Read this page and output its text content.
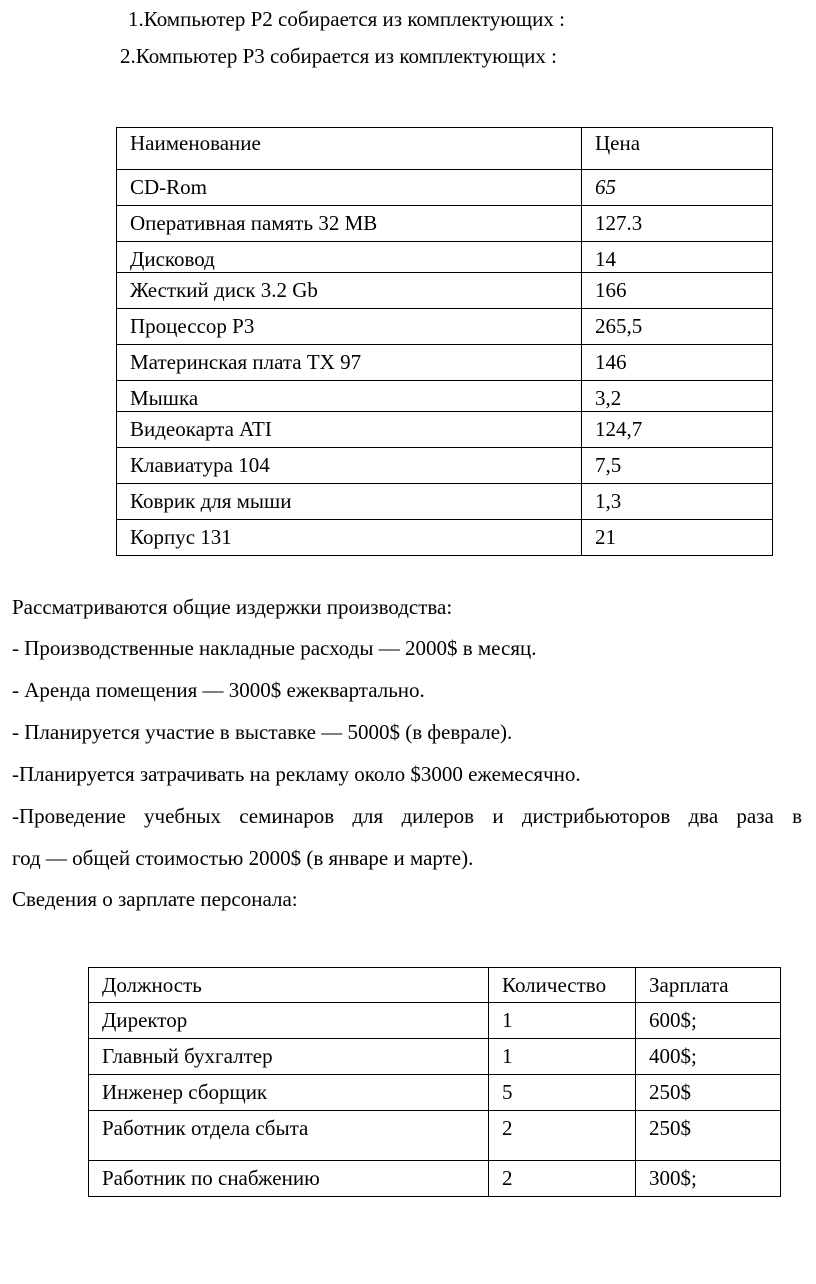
1.Компьютер Р2 собирается из комплектующих :
2.Компьютер Р3 собирается из комплектующих :
Наименование	Цена
CD-Rom	65
Оперативная память 32 MB	127.3
Дисковод	14
Жесткий диск 3.2 Gb	166
Процессор Р3	265,5
Материнская плата ТХ 97	146
Мышка	3,2
Видеокарта ATI	124,7
Клавиатура 104	7,5
Коврик для мыши	1,3
Корпус 131	21
Рассматриваются общие издержки производства:
- Производственные накладные расходы — 2000$ в месяц.
- Аренда помещения — 3000$ ежеквартально.
- Планируется участие в выставке — 5000$ (в феврале).
-Планируется затрачивать на рекламу около $3000 ежемесячно.
-Проведение учебных семинаров для дилеров и дистрибьюторов два раза в
год — общей стоимостью 2000$ (в январе и марте).
Сведения о зарплате персонала:
Должность	Количество	Зарплата
Директор	1	600$;
Главный бухгалтер	1	400$;
Инженер сборщик	5	250$
Работник отдела сбыта	2	250$
Работник по снабжению	2	300$;
